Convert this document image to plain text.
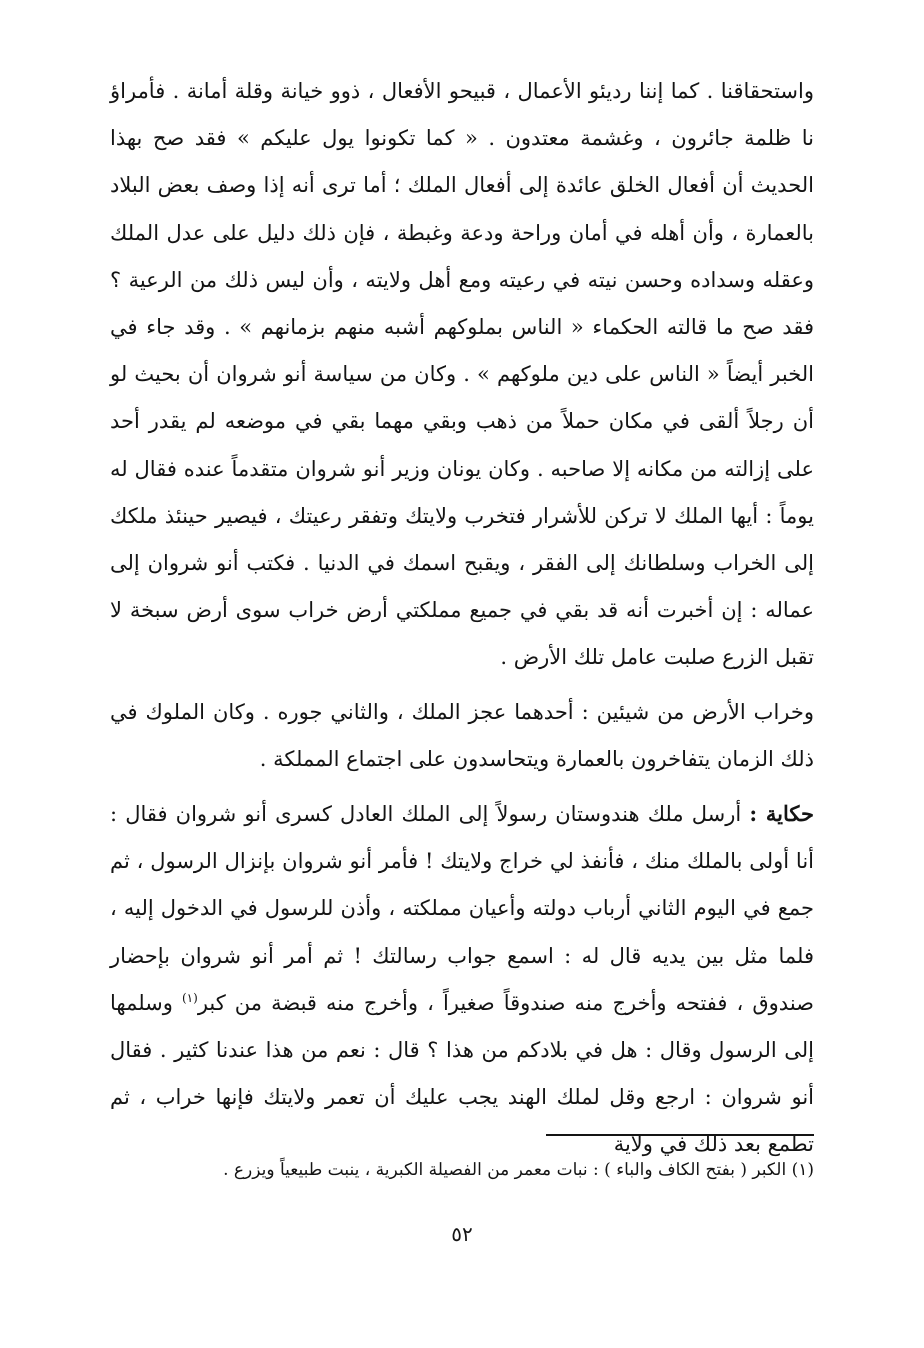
واستحقاقنا . كما إننا رديئو الأعمال ، قبيحو الأفعال ، ذوو خيانة وقلة أمانة . فأمراؤ نا ظلمة جائرون ، وغشمة معتدون . « كما تكونوا يول عليكم » فقد صح بهذا الحديث أن أفعال الخلق عائدة إلى أفعال الملك ؛ أما ترى أنه إذا وصف بعض البلاد بالعمارة ، وأن أهله في أمان وراحة ودعة وغبطة ، فإن ذلك دليل على عدل الملك وعقله وسداده وحسن نيته في رعيته ومع أهل ولايته ، وأن ليس ذلك من الرعية ؟ فقد صح ما قالته الحكماء « الناس بملوكهم أشبه منهم بزمانهم » . وقد جاء في الخبر أيضاً « الناس على دين ملوكهم » . وكان من سياسة أنو شروان أن بحيث لو أن رجلاً ألقى في مكان حملاً من ذهب وبقي مهما بقي في موضعه لم يقدر أحد على إزالته من مكانه إلا صاحبه . وكان يونان وزير أنو شروان متقدماً عنده فقال له يوماً : أيها الملك لا تركن للأشرار فتخرب ولايتك وتفقر رعيتك ، فيصير حينئذ ملكك إلى الخراب وسلطانك إلى الفقر ، ويقبح اسمك في الدنيا . فكتب أنو شروان إلى عماله : إن أخبرت أنه قد بقي في جميع مملكتي أرض خراب سوى أرض سبخة لا تقبل الزرع صلبت عامل تلك الأرض .

وخراب الأرض من شيئين : أحدهما عجز الملك ، والثاني جوره . وكان الملوك في ذلك الزمان يتفاخرون بالعمارة ويتحاسدون على اجتماع المملكة .

حكاية : أرسل ملك هندوستان رسولاً إلى الملك العادل كسرى أنو شروان فقال : أنا أولى بالملك منك ، فأنفذ لي خراج ولايتك ! فأمر أنو شروان بإنزال الرسول ، ثم جمع في اليوم الثاني أرباب دولته وأعيان مملكته ، وأذن للرسول في الدخول إليه ، فلما مثل بين يديه قال له : اسمع جواب رسالتك ! ثم أمر أنو شروان بإحضار صندوق ، ففتحه وأخرج منه صندوقاً صغيراً ، وأخرج منه قبضة من كبر$^{(١)}$ وسلمها إلى الرسول وقال : هل في بلادكم من هذا ؟ قال : نعم من هذا عندنا كثير . فقال أنو شروان : ارجع وقل لملك الهند يجب عليك أن تعمر ولايتك فإنها خراب ، ثم تطمع بعد ذلك في ولاية

(١) الكبر ( بفتح الكاف والباء ) : نبات معمر من الفصيلة الكبرية ، ينبت طبيعياً ويزرع .
٥٢
